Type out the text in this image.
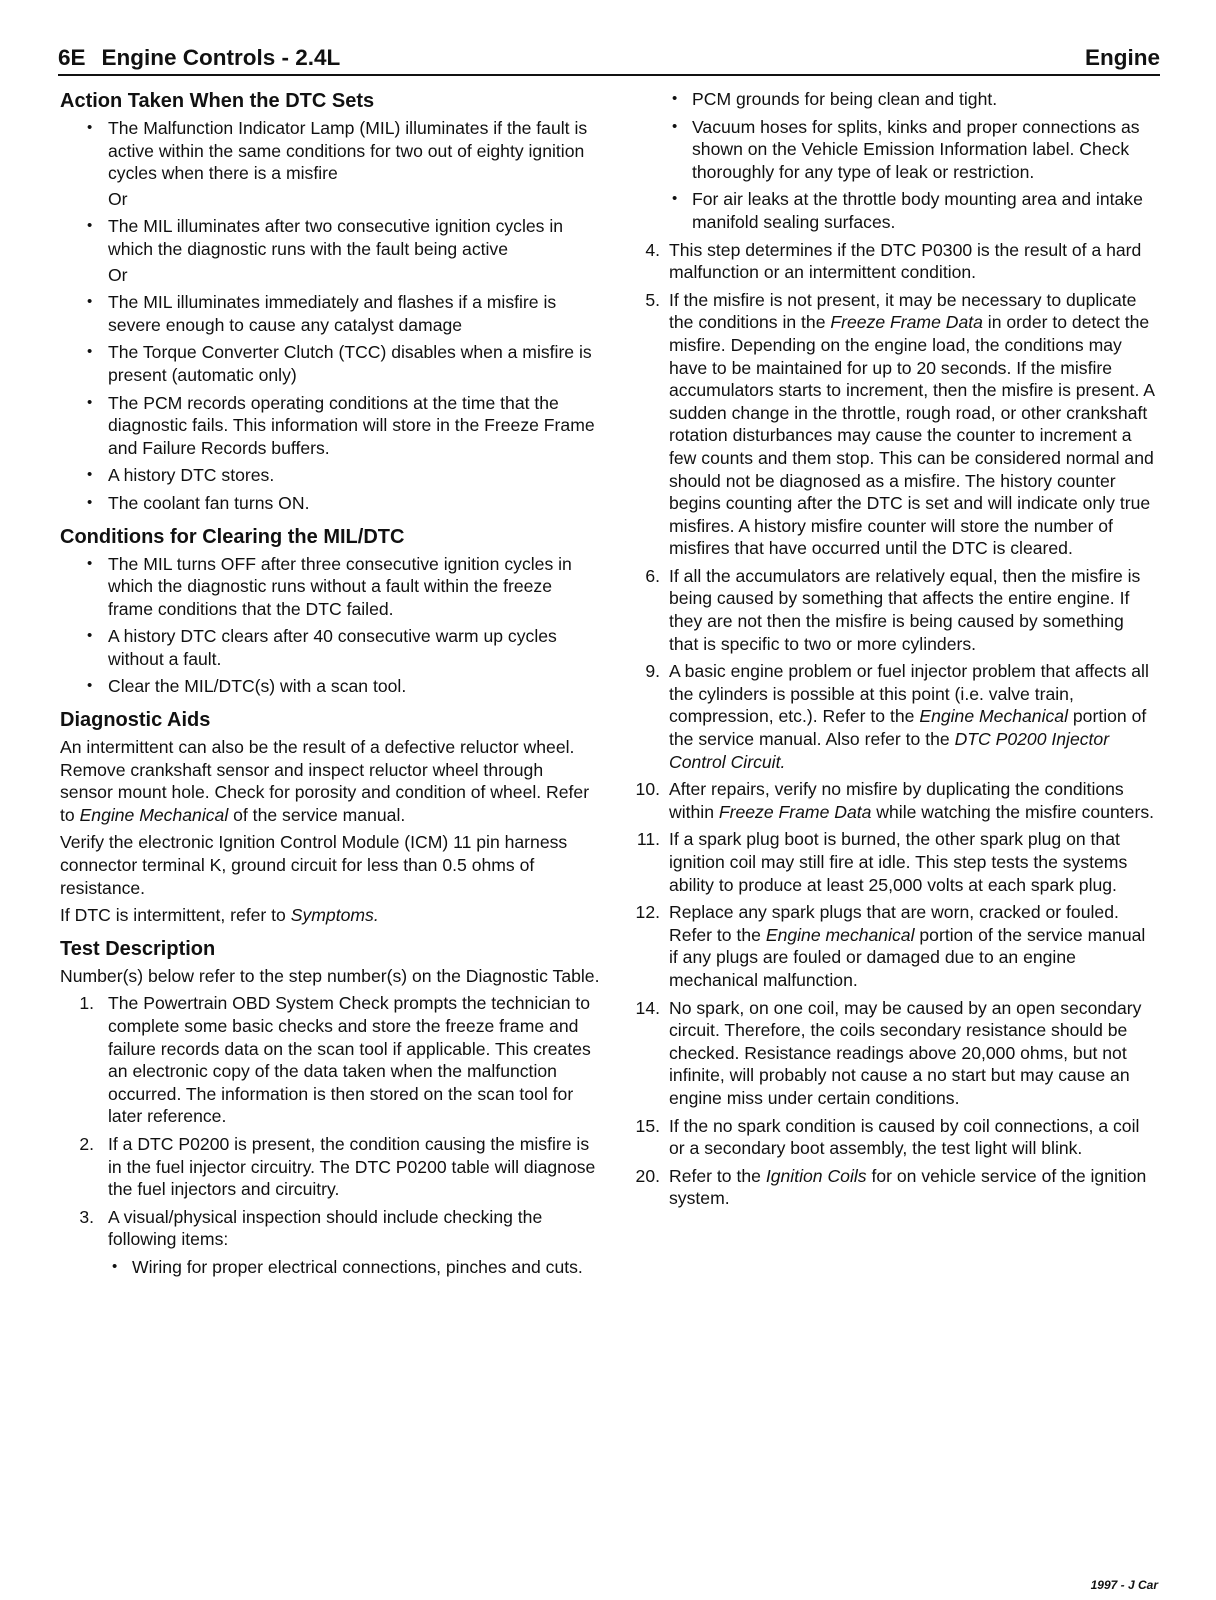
6E Engine Controls - 2.4L	Engine
Action Taken When the DTC Sets
• The Malfunction Indicator Lamp (MIL) illuminates if the fault is active within the same conditions for two out of eighty ignition cycles when there is a misfire
Or
• The MIL illuminates after two consecutive ignition cycles in which the diagnostic runs with the fault being active
Or
• The MIL illuminates immediately and flashes if a misfire is severe enough to cause any catalyst damage
• The Torque Converter Clutch (TCC) disables when a misfire is present (automatic only)
• The PCM records operating conditions at the time that the diagnostic fails. This information will store in the Freeze Frame and Failure Records buffers.
• A history DTC stores.
• The coolant fan turns ON.
Conditions for Clearing the MIL/DTC
• The MIL turns OFF after three consecutive ignition cycles in which the diagnostic runs without a fault within the freeze frame conditions that the DTC failed.
• A history DTC clears after 40 consecutive warm up cycles without a fault.
• Clear the MIL/DTC(s) with a scan tool.
Diagnostic Aids

An intermittent can also be the result of a defective reluctor wheel. Remove crankshaft sensor and inspect reluctor wheel through sensor mount hole. Check for porosity and condition of wheel. Refer to Engine Mechanical of the service manual.

Verify the electronic Ignition Control Module (ICM) 11 pin harness connector terminal K, ground circuit for less than 0.5 ohms of resistance.

If DTC is intermittent, refer to Symptoms.

Test Description

Number(s) below refer to the step number(s) on the Diagnostic Table.

1. The Powertrain OBD System Check prompts the technician to complete some basic checks and store the freeze frame and failure records data on the scan tool if applicable. This creates an electronic copy of the data taken when the malfunction occurred. The information is then stored on the scan tool for later reference.
2. If a DTC P0200 is present, the condition causing the misfire is in the fuel injector circuitry. The DTC P0200 table will diagnose the fuel injectors and circuitry.
3. A visual/physical inspection should include checking the following items:
• Wiring for proper electrical connections, pinches and cuts.
• PCM grounds for being clean and tight.
• Vacuum hoses for splits, kinks and proper connections as shown on the Vehicle Emission Information label. Check thoroughly for any type of leak or restriction.
• For air leaks at the throttle body mounting area and intake manifold sealing surfaces.
4. This step determines if the DTC P0300 is the result of a hard malfunction or an intermittent condition.
5. If the misfire is not present, it may be necessary to duplicate the conditions in the Freeze Frame Data in order to detect the misfire. Depending on the engine load, the conditions may have to be maintained for up to 20 seconds. If the misfire accumulators starts to increment, then the misfire is present. A sudden change in the throttle, rough road, or other crankshaft rotation disturbances may cause the counter to increment a few counts and them stop. This can be considered normal and should not be diagnosed as a misfire. The history counter begins counting after the DTC is set and will indicate only true misfires. A history misfire counter will store the number of misfires that have occurred until the DTC is cleared.
6. If all the accumulators are relatively equal, then the misfire is being caused by something that affects the entire engine. If they are not then the misfire is being caused by something that is specific to two or more cylinders.
9. A basic engine problem or fuel injector problem that affects all the cylinders is possible at this point (i.e. valve train, compression, etc.). Refer to the Engine Mechanical portion of the service manual. Also refer to the DTC P0200 Injector Control Circuit.
10. After repairs, verify no misfire by duplicating the conditions within Freeze Frame Data while watching the misfire counters.
11. If a spark plug boot is burned, the other spark plug on that ignition coil may still fire at idle. This step tests the systems ability to produce at least 25,000 volts at each spark plug.
12. Replace any spark plugs that are worn, cracked or fouled. Refer to the Engine mechanical portion of the service manual if any plugs are fouled or damaged due to an engine mechanical malfunction.
14. No spark, on one coil, may be caused by an open secondary circuit. Therefore, the coils secondary resistance should be checked. Resistance readings above 20,000 ohms, but not infinite, will probably not cause a no start but may cause an engine miss under certain conditions.
15. If the no spark condition is caused by coil connections, a coil or a secondary boot assembly, the test light will blink.
20. Refer to the Ignition Coils for on vehicle service of the ignition system.
1997 - J Car
